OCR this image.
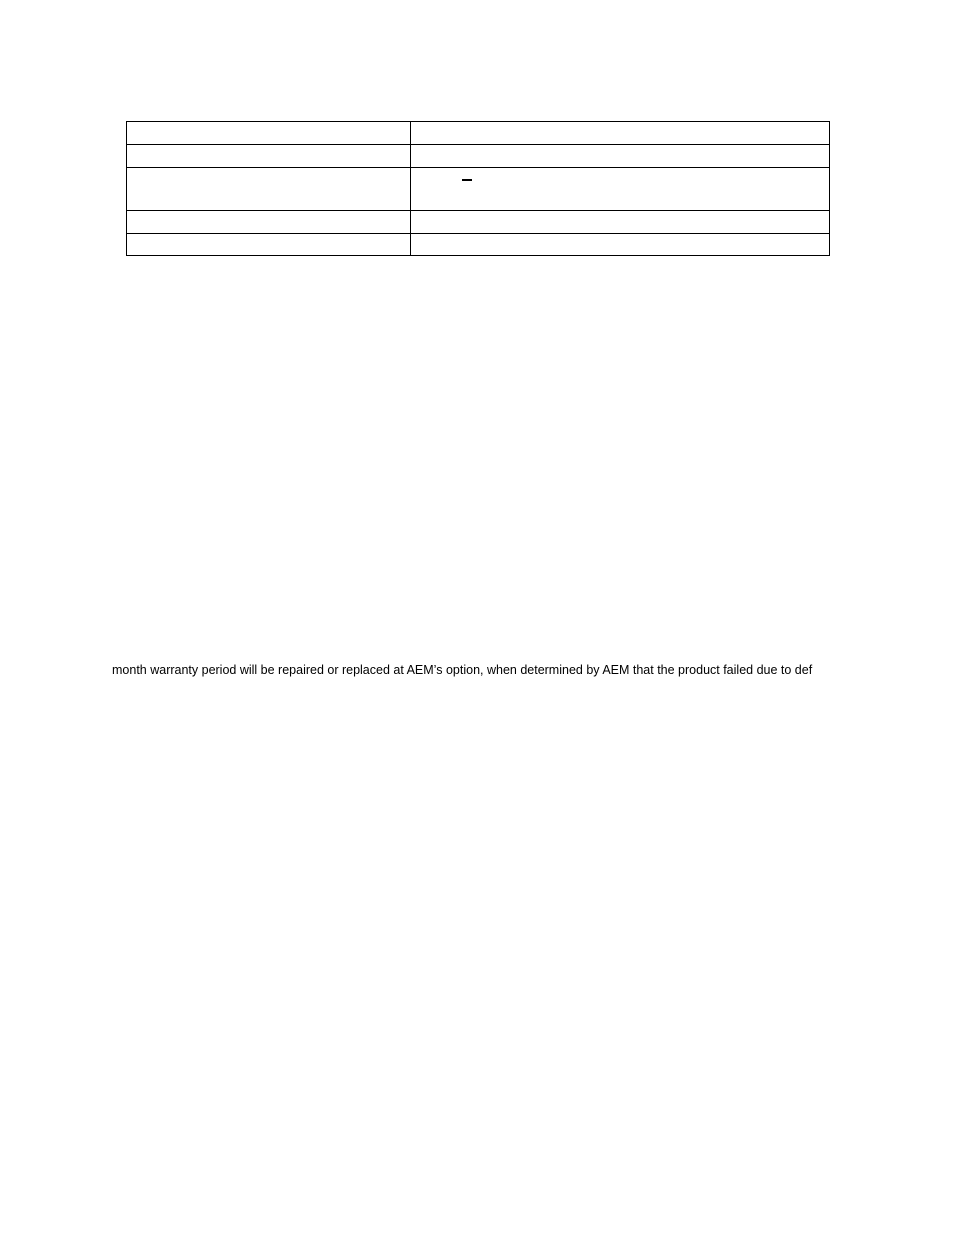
month warranty period will be repaired or replaced at AEM’s option, when determined by AEM that the product failed due to def
